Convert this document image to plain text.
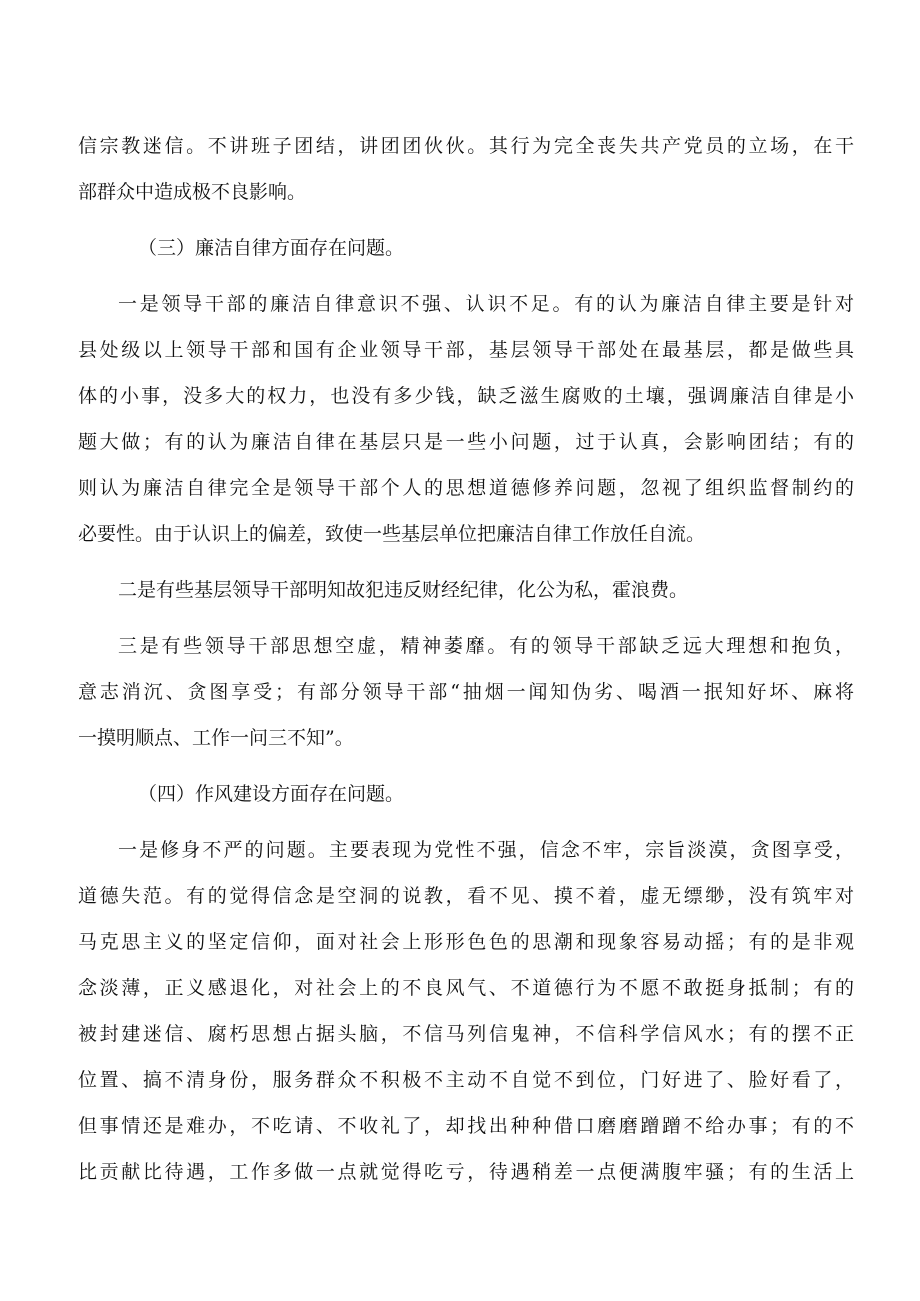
信宗教迷信。不讲班子团结，讲团团伙伙。其行为完全丧失共产党员的立场，在干
部群众中造成极不良影响。
（三）廉洁自律方面存在问题。
一是领导干部的廉洁自律意识不强、认识不足。有的认为廉洁自律主要是针对
县处级以上领导干部和国有企业领导干部，基层领导干部处在最基层，都是做些具
体的小事，没多大的权力，也没有多少钱，缺乏滋生腐败的土壤，强调廉洁自律是小
题大做；有的认为廉洁自律在基层只是一些小问题，过于认真，会影响团结；有的
则认为廉洁自律完全是领导干部个人的思想道德修养问题，忽视了组织监督制约的
必要性。由于认识上的偏差，致使一些基层单位把廉洁自律工作放任自流。
二是有些基层领导干部明知故犯违反财经纪律，化公为私，霍浪费。
三是有些领导干部思想空虚，精神萎靡。有的领导干部缺乏远大理想和抱负，
意志消沉、贪图享受；有部分领导干部“抽烟一闻知伪劣、喝酒一抿知好坏、麻将
一摸明顺点、工作一问三不知”。
（四）作风建设方面存在问题。
一是修身不严的问题。主要表现为党性不强，信念不牢，宗旨淡漠，贪图享受，
道德失范。有的觉得信念是空洞的说教，看不见、摸不着，虚无缥缈，没有筑牢对
马克思主义的坚定信仰，面对社会上形形色色的思潮和现象容易动摇；有的是非观
念淡薄，正义感退化，对社会上的不良风气、不道德行为不愿不敢挺身抵制；有的
被封建迷信、腐朽思想占据头脑，不信马列信鬼神，不信科学信风水；有的摆不正
位置、搞不清身份，服务群众不积极不主动不自觉不到位，门好进了、脸好看了，
但事情还是难办，不吃请、不收礼了，却找出种种借口磨磨蹭蹭不给办事；有的不
比贡献比待遇，工作多做一点就觉得吃亏，待遇稍差一点便满腹牢骚；有的生活上
